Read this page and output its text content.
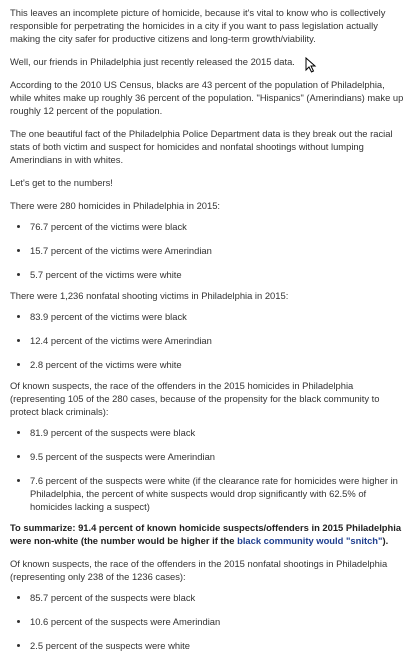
This leaves an incomplete picture of homicide, because it's vital to know who is collectively responsible for perpetrating the homicides in a city if you want to pass legislation actually making the city safer for productive citizens and long-term growth/viability.

Well, our friends in Philadelphia just recently released the 2015 data.

According to the 2010 US Census, blacks are 43 percent of the population of Philadelphia, while whites make up roughly 36 percent of the population. "Hispanics" (Amerindians) make up roughly 12 percent of the population.

The one beautiful fact of the Philadelphia Police Department data is they break out the racial stats of both victim and suspect for homicides and nonfatal shootings without lumping Amerindians in with whites.

Let's get to the numbers!

There were 280 homicides in Philadelphia in 2015:

• 76.7 percent of the victims were black
• 15.7 percent of the victims were Amerindian
• 5.7 percent of the victims were white

There were 1,236 nonfatal shooting victims in Philadelphia in 2015:

• 83.9 percent of the victims were black
• 12.4 percent of the victims were Amerindian
• 2.8 percent of the victims were white

Of known suspects, the race of the offenders in the 2015 homicides in Philadelphia (representing 105 of the 280 cases, because of the propensity for the black community to protect black criminals):

• 81.9 percent of the suspects were black
• 9.5 percent of the suspects were Amerindian
• 7.6 percent of the suspects were white (if the clearance rate for homicides were higher in Philadelphia, the percent of white suspects would drop significantly with 62.5% of homicides lacking a suspect)

To summarize: 91.4 percent of known homicide suspects/offenders in 2015 Philadelphia were non-white (the number would be higher if the black community would "snitch").

Of known suspects, the race of the offenders in the 2015 nonfatal shootings in Philadelphia (representing only 238 of the 1236 cases):

• 85.7 percent of the suspects were black
• 10.6 percent of the suspects were Amerindian
• 2.5 percent of the suspects were white
